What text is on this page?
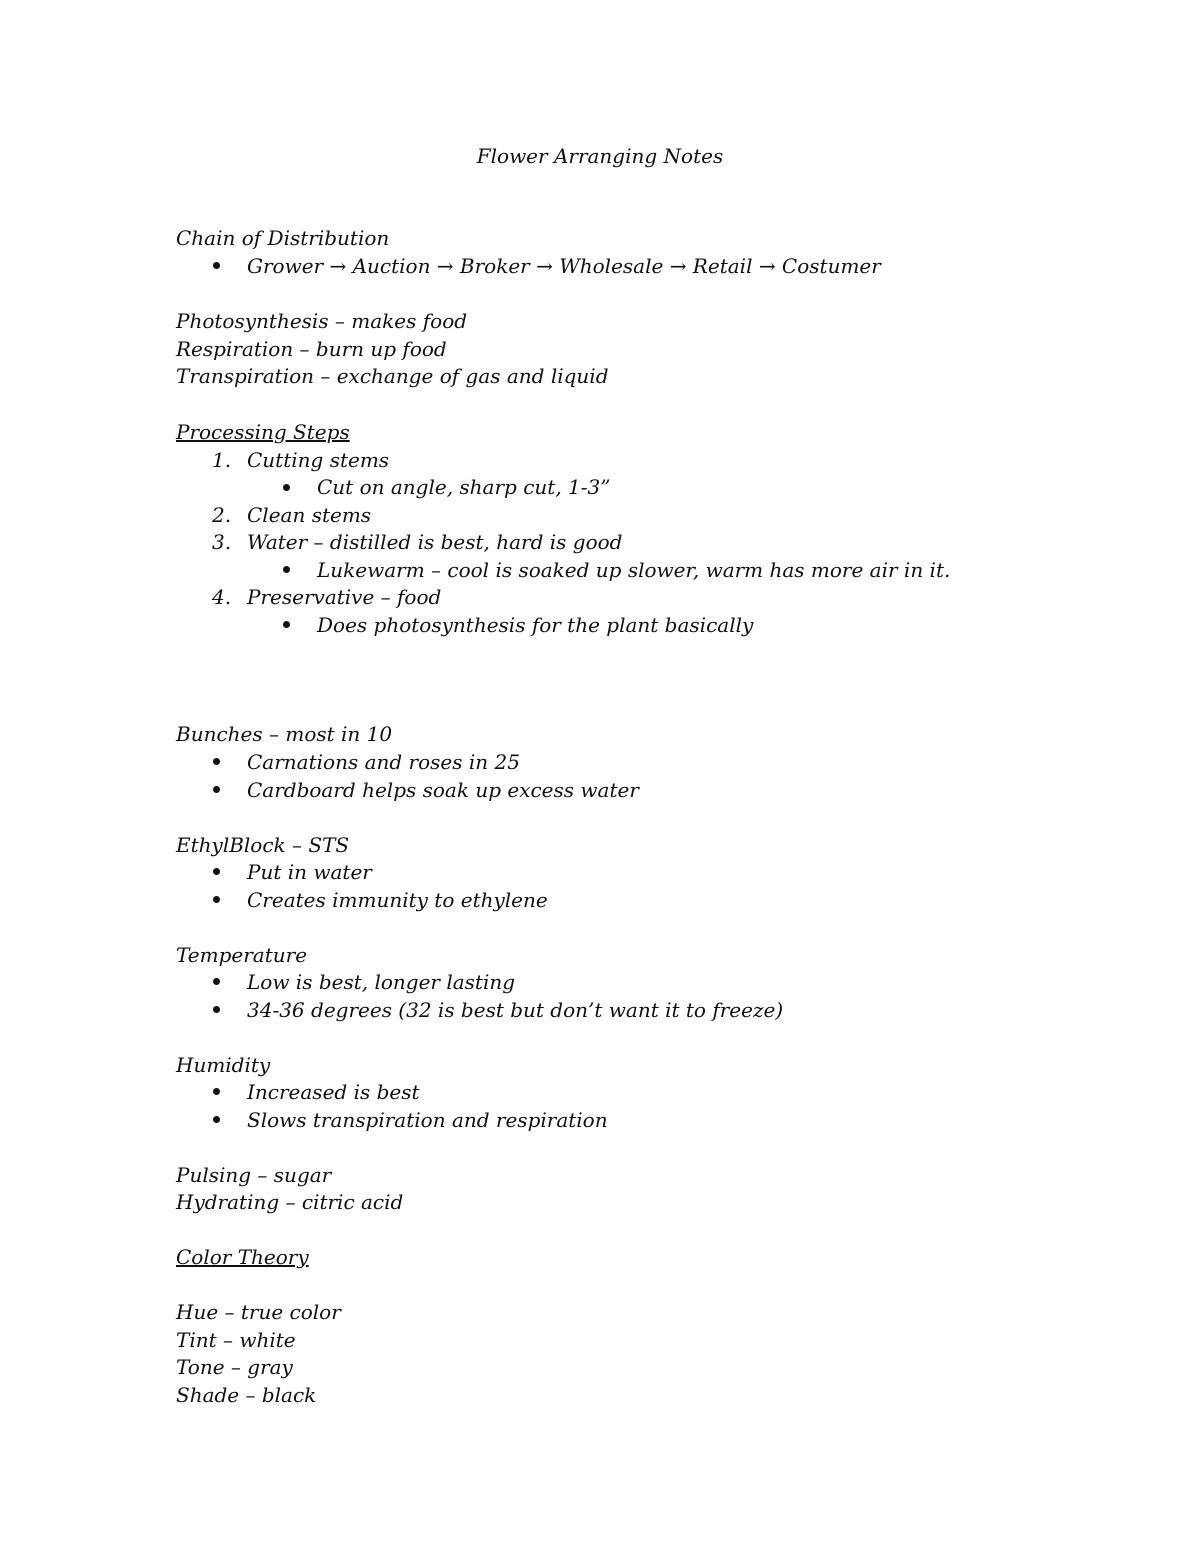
Flower Arranging Notes
Chain of Distribution
Grower → Auction → Broker → Wholesale → Retail → Costumer
Photosynthesis – makes food
Respiration – burn up food
Transpiration – exchange of gas and liquid
Processing Steps
1. Cutting stems
Cut on angle, sharp cut, 1-3”
2. Clean stems
3. Water – distilled is best, hard is good
Lukewarm – cool is soaked up slower, warm has more air in it.
4. Preservative – food
Does photosynthesis for the plant basically
Bunches – most in 10
Carnations and roses in 25
Cardboard helps soak up excess water
EthylBlock – STS
Put in water
Creates immunity to ethylene
Temperature
Low is best, longer lasting
34-36 degrees (32 is best but don’t want it to freeze)
Humidity
Increased is best
Slows transpiration and respiration
Pulsing – sugar
Hydrating – citric acid
Color Theory
Hue – true color
Tint – white
Tone – gray
Shade – black
